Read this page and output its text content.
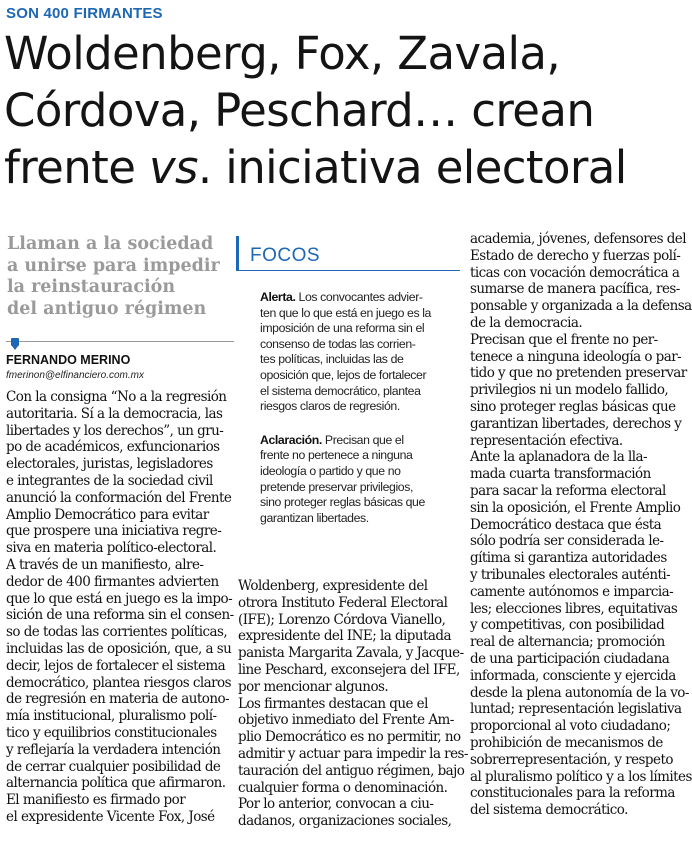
SON 400 FIRMANTES
Woldenberg, Fox, Zavala,
Córdova, Peschard… crean
frente vs. iniciativa electoral
Llaman a la sociedad
a unirse para impedir
la reinstauración
del antiguo régimen
FERNANDO MERINO
fmerinon@elfinanciero.com.mx
Con la consigna “No a la regresión
autoritaria. Sí a la democracia, las
libertades y los derechos”, un gru-
po de académicos, exfuncionarios
electorales, juristas, legisladores
e integrantes de la sociedad civil
anunció la conformación del Frente
Amplio Democrático para evitar
que prospere una iniciativa regre-
siva en materia político-electoral.
A través de un manifiesto, alre-
dedor de 400 firmantes advierten
que lo que está en juego es la impo-
sición de una reforma sin el consen-
so de todas las corrientes políticas,
incluidas las de oposición, que, a su
decir, lejos de fortalecer el sistema
democrático, plantea riesgos claros
de regresión en materia de autono-
mía institucional, pluralismo polí-
tico y equilibrios constitucionales
y reflejaría la verdadera intención
de cerrar cualquier posibilidad de
alternancia política que afirmaron.
El manifiesto es firmado por
el expresidente Vicente Fox, José
FOCOS
Alerta. Los convocantes advier-
ten que lo que está en juego es la
imposición de una reforma sin el
consenso de todas las corrien-
tes políticas, incluidas las de
oposición que, lejos de fortalecer
el sistema democrático, plantea
riesgos claros de regresión.
Aclaración. Precisan que el
frente no pertenece a ninguna
ideología o partido y que no
pretende preservar privilegios,
sino proteger reglas básicas que
garantizan libertades.
Woldenberg, expresidente del
otrora Instituto Federal Electoral
(IFE); Lorenzo Córdova Vianello,
expresidente del INE; la diputada
panista Margarita Zavala, y Jacque-
line Peschard, exconsejera del IFE,
por mencionar algunos.
Los firmantes destacan que el
objetivo inmediato del Frente Am-
plio Democrático es no permitir, no
admitir y actuar para impedir la res-
tauración del antiguo régimen, bajo
cualquier forma o denominación.
Por lo anterior, convocan a ciu-
dadanos, organizaciones sociales,
academia, jóvenes, defensores del
Estado de derecho y fuerzas polí-
ticas con vocación democrática a
sumarse de manera pacífica, res-
ponsable y organizada a la defensa
de la democracia.
Precisan que el frente no per-
tenece a ninguna ideología o par-
tido y que no pretenden preservar
privilegios ni un modelo fallido,
sino proteger reglas básicas que
garantizan libertades, derechos y
representación efectiva.
Ante la aplanadora de la lla-
mada cuarta transformación
para sacar la reforma electoral
sin la oposición, el Frente Amplio
Democrático destaca que ésta
sólo podría ser considerada le-
gítima si garantiza autoridades
y tribunales electorales auténti-
camente autónomos e imparcia-
les; elecciones libres, equitativas
y competitivas, con posibilidad
real de alternancia; promoción
de una participación ciudadana
informada, consciente y ejercida
desde la plena autonomía de la vo-
luntad; representación legislativa
proporcional al voto ciudadano;
prohibición de mecanismos de
sobrerrepresentación, y respeto
al pluralismo político y a los límites
constitucionales para la reforma
del sistema democrático.
